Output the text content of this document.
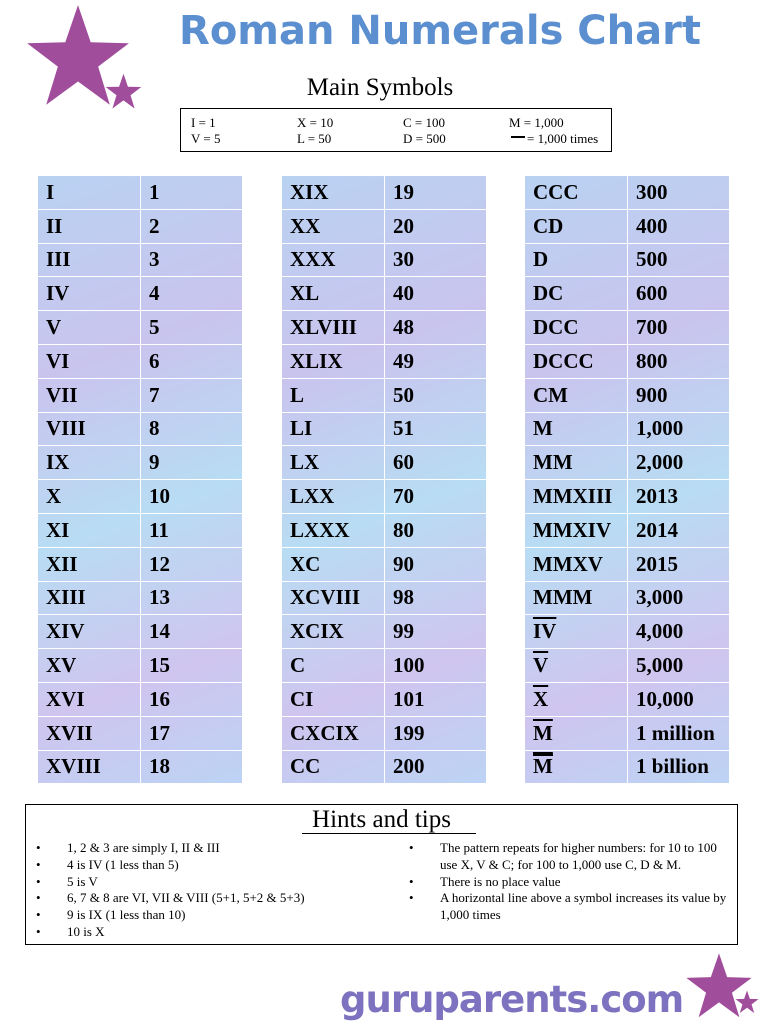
Roman Numerals Chart
Main Symbols
I = 1
V = 5
X = 10
L = 50
C = 100
D = 500
M = 1,000
= 1,000 times
I	1
II	2
III	3
IV	4
V	5
VI	6
VII	7
VIII	8
IX	9
X	10
XI	11
XII	12
XIII	13
XIV	14
XV	15
XVI	16
XVII	17
XVIII	18
XIX	19
XX	20
XXX	30
XL	40
XLVIII	48
XLIX	49
L	50
LI	51
LX	60
LXX	70
LXXX	80
XC	90
XCVIII	98
XCIX	99
C	100
CI	101
CXCIX	199
CC	200
CCC	300
CD	400
D	500
DC	600
DCC	700
DCCC	800
CM	900
M	1,000
MM	2,000
MMXIII	2013
MMXIV	2014
MMXV	2015
MMM	3,000
$\overline{IV}$	4,000
$\overline{V}$	5,000
$\overline{X}$	10,000
$\overline{M}$	1 million
$\overline{M}$	1 billion
Hints and tips
• 1, 2 & 3 are simply I, II & III
• 4 is IV (1 less than 5)
• 5 is V
• 6, 7 & 8 are VI, VII & VIII (5+1, 5+2 & 5+3)
• 9 is IX (1 less than 10)
• 10 is X
• The pattern repeats for higher numbers: for 10 to 100 use X, V & C; for 100 to 1,000 use C, D & M.
• There is no place value
• A horizontal line above a symbol increases its value by 1,000 times
guruparents.com
